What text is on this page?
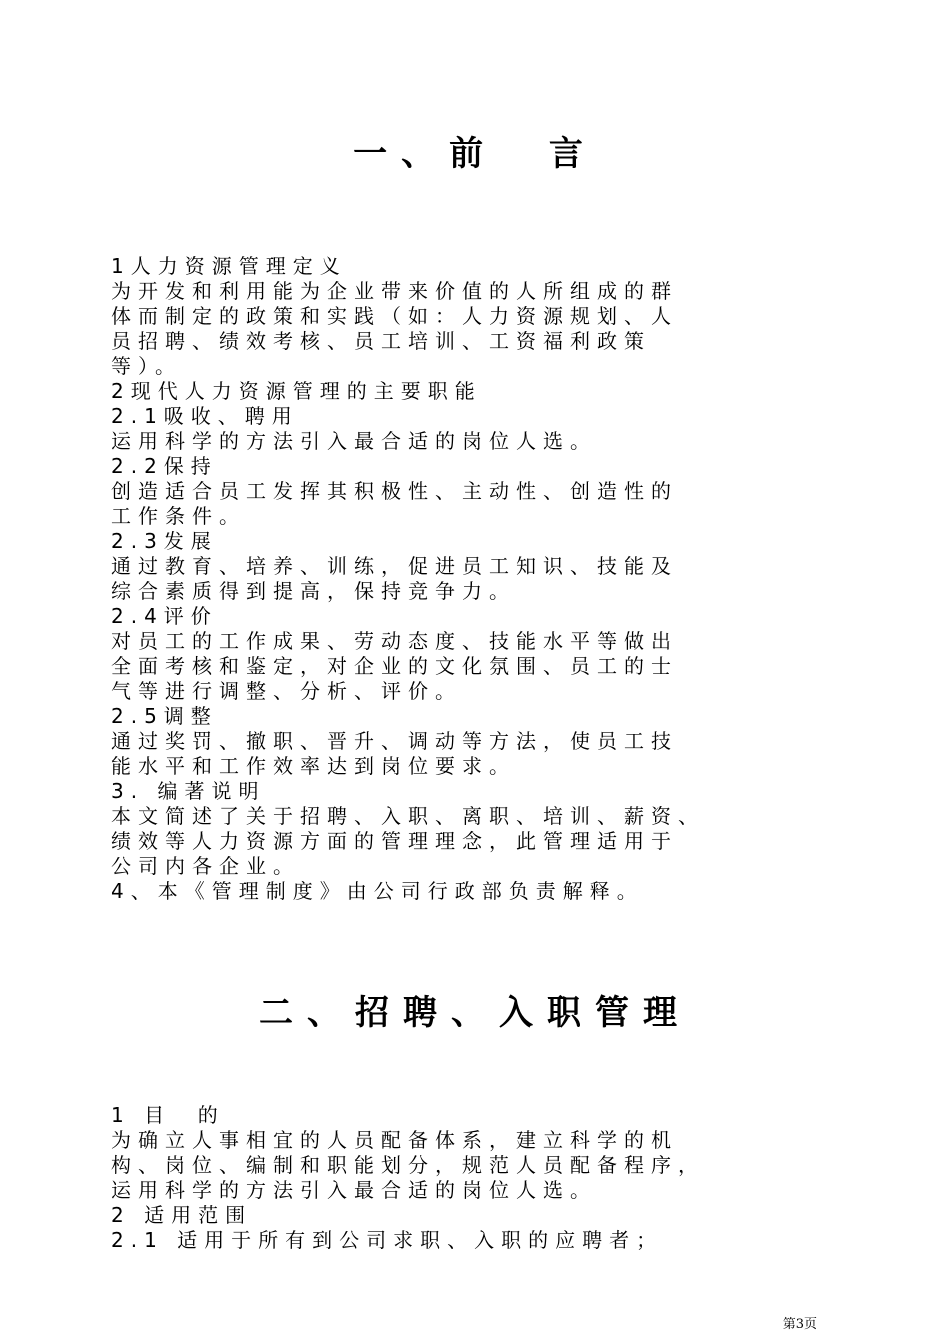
一、前  言
1人力资源管理定义
为开发和利用能为企业带来价值的人所组成的群
体而制定的政策和实践（如：人力资源规划、人
员招聘、绩效考核、员工培训、工资福利政策
等）。
2现代人力资源管理的主要职能
2.1吸收、聘用
运用科学的方法引入最合适的岗位人选。
2.2保持
创造适合员工发挥其积极性、主动性、创造性的
工作条件。
2.3发展
通过教育、培养、训练，促进员工知识、技能及
综合素质得到提高，保持竞争力。
2.4评价
对员工的工作成果、劳动态度、技能水平等做出
全面考核和鉴定，对企业的文化氛围、员工的士
气等进行调整、分析、评价。
2.5调整
通过奖罚、撤职、晋升、调动等方法，使员工技
能水平和工作效率达到岗位要求。
3. 编著说明
本文简述了关于招聘、入职、离职、培训、薪资、
绩效等人力资源方面的管理理念，此管理适用于
公司内各企业。
4、本《管理制度》由公司行政部负责解释。
二、招聘、入职管理
1 目  的
为确立人事相宜的人员配备体系，建立科学的机
构、岗位、编制和职能划分，规范人员配备程序，
运用科学的方法引入最合适的岗位人选。
2 适用范围
2.1 适用于所有到公司求职、入职的应聘者；
第3页
